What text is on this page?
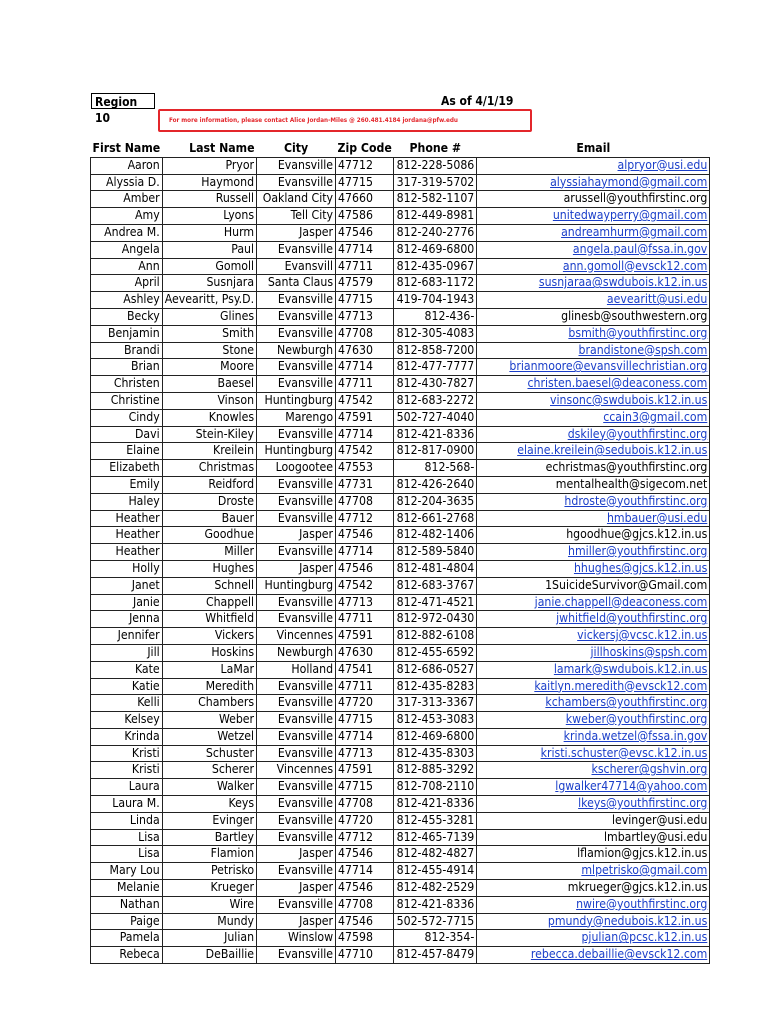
Region 10
As of 4/1/19
For more information, please contact Alice Jordan-Miles @ 260.481.4184 jordana@pfw.edu
First Name	Last Name	City	Zip Code	Phone #	Email
Aaron	Pryor	Evansville	47712	812-228-5086	alpryor@usi.edu
Alyssia D.	Haymond	Evansville	47715	317-319-5702	alyssiahaymond@gmail.com
Amber	Russell	Oakland City	47660	812-582-1107	arussell@youthfirstinc.org
Amy	Lyons	Tell City	47586	812-449-8981	unitedwayperry@gmail.com
Andrea M.	Hurm	Jasper	47546	812-240-2776	andreamhurm@gmail.com
Angela	Paul	Evansville	47714	812-469-6800	angela.paul@fssa.in.gov
Ann	Gomoll	Evansvill	47711	812-435-0967	ann.gomoll@evsck12.com
April	Susnjara	Santa Claus	47579	812-683-1172	susnjaraa@swdubois.k12.in.us
Ashley	Aevearitt, Psy.D.	Evansville	47715	419-704-1943	aevearitt@usi.edu
Becky	Glines	Evansville	47713	812-436-	glinesb@southwestern.org
Benjamin	Smith	Evansville	47708	812-305-4083	bsmith@youthfirstinc.org
Brandi	Stone	Newburgh	47630	812-858-7200	brandistone@spsh.com
Brian	Moore	Evansville	47714	812-477-7777	brianmoore@evansvillechristian.org
Christen	Baesel	Evansville	47711	812-430-7827	christen.baesel@deaconess.com
Christine	Vinson	Huntingburg	47542	812-683-2272	vinsonc@swdubois.k12.in.us
Cindy	Knowles	Marengo	47591	502-727-4040	ccain3@gmail.com
Davi	Stein-Kiley	Evansville	47714	812-421-8336	dskiley@youthfirstinc.org
Elaine	Kreilein	Huntingburg	47542	812-817-0900	elaine.kreilein@sedubois.k12.in.us
Elizabeth	Christmas	Loogootee	47553	812-568-	echristmas@youthfirstinc.org
Emily	Reidford	Evansville	47731	812-426-2640	mentalhealth@sigecom.net
Haley	Droste	Evansville	47708	812-204-3635	hdroste@youthfirstinc.org
Heather	Bauer	Evansville	47712	812-661-2768	hmbauer@usi.edu
Heather	Goodhue	Jasper	47546	812-482-1406	hgoodhue@gjcs.k12.in.us
Heather	Miller	Evansville	47714	812-589-5840	hmiller@youthfirstinc.org
Holly	Hughes	Jasper	47546	812-481-4804	hhughes@gjcs.k12.in.us
Janet	Schnell	Huntingburg	47542	812-683-3767	1SuicideSurvivor@Gmail.com
Janie	Chappell	Evansville	47713	812-471-4521	janie.chappell@deaconess.com
Jenna	Whitfield	Evansville	47711	812-972-0430	jwhitfield@youthfirstinc.org
Jennifer	Vickers	Vincennes	47591	812-882-6108	vickersj@vcsc.k12.in.us
Jill	Hoskins	Newburgh	47630	812-455-6592	jillhoskins@spsh.com
Kate	LaMar	Holland	47541	812-686-0527	lamark@swdubois.k12.in.us
Katie	Meredith	Evansville	47711	812-435-8283	kaitlyn.meredith@evsck12.com
Kelli	Chambers	Evansville	47720	317-313-3367	kchambers@youthfirstinc.org
Kelsey	Weber	Evansville	47715	812-453-3083	kweber@youthfirstinc.org
Krinda	Wetzel	Evansville	47714	812-469-6800	krinda.wetzel@fssa.in.gov
Kristi	Schuster	Evansville	47713	812-435-8303	kristi.schuster@evsc.k12.in.us
Kristi	Scherer	Vincennes	47591	812-885-3292	kscherer@gshvin.org
Laura	Walker	Evansville	47715	812-708-2110	lgwalker47714@yahoo.com
Laura M.	Keys	Evansville	47708	812-421-8336	lkeys@youthfirstinc.org
Linda	Evinger	Evansville	47720	812-455-3281	levinger@usi.edu
Lisa	Bartley	Evansville	47712	812-465-7139	lmbartley@usi.edu
Lisa	Flamion	Jasper	47546	812-482-4827	lflamion@gjcs.k12.in.us
Mary Lou	Petrisko	Evansville	47714	812-455-4914	mlpetrisko@gmail.com
Melanie	Krueger	Jasper	47546	812-482-2529	mkrueger@gjcs.k12.in.us
Nathan	Wire	Evansville	47708	812-421-8336	nwire@youthfirstinc.org
Paige	Mundy	Jasper	47546	502-572-7715	pmundy@nedubois.k12.in.us
Pamela	Julian	Winslow	47598	812-354-	pjulian@pcsc.k12.in.us
Rebeca	DeBaillie	Evansville	47710	812-457-8479	rebecca.debaillie@evsck12.com
